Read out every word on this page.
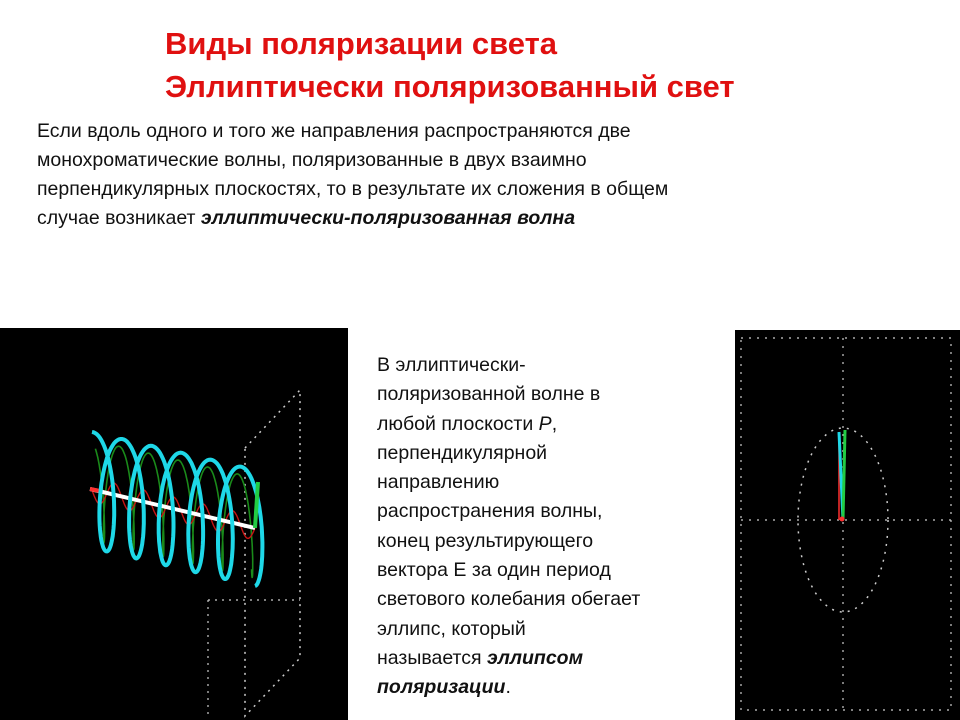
Виды поляризации света
Эллиптически поляризованный свет
Если вдоль одного и того же направления распространяются две
монохроматические волны, поляризованные в двух взаимно
перпендикулярных плоскостях, то в результате их сложения в общем
случае возникает эллиптически-поляризованная волна
В эллиптически-
поляризованной волне в
любой плоскости P,
перпендикулярной
направлению
распространения волны,
конец результирующего
вектора Е за один период
светового колебания обегает
эллипс, который
называется эллипсом
поляризации.
